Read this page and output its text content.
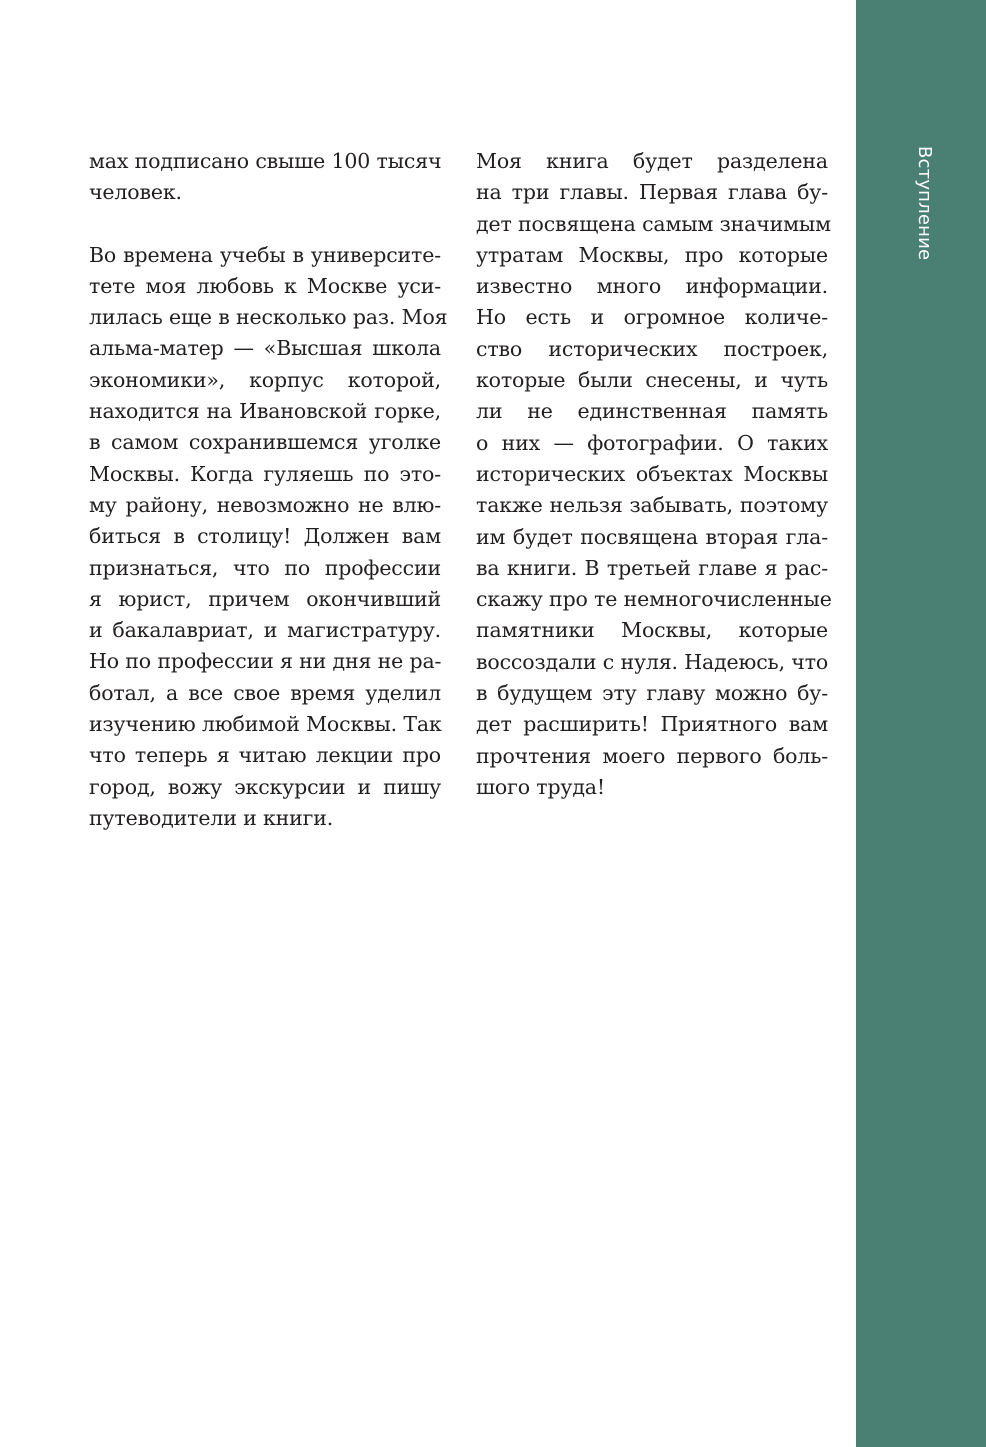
мах подписано свыше 100 тысяч
человек.

Во времена учебы в университе-
тете моя любовь к Москве уси-
лилась еще в несколько раз. Моя
альма-матер — «Высшая школа
экономики», корпус которой,
находится на Ивановской горке,
в самом сохранившемся уголке
Москвы. Когда гуляешь по это-
му району, невозможно не влю-
биться в столицу! Должен вам
признаться, что по профессии
я юрист, причем окончивший
и бакалавриат, и магистратуру.
Но по профессии я ни дня не ра-
ботал, а все свое время уделил
изучению любимой Москвы. Так
что теперь я читаю лекции про
город, вожу экскурсии и пишу
путеводители и книги.

Моя книга будет разделена
на три главы. Первая глава бу-
дет посвящена самым значимым
утратам Москвы, про которые
известно много информации.
Но есть и огромное количе-
ство исторических построек,
которые были снесены, и чуть
ли не единственная память
о них — фотографии. О таких
исторических объектах Москвы
также нельзя забывать, поэтому
им будет посвящена вторая гла-
ва книги. В третьей главе я рас-
скажу про те немногочисленные
памятники Москвы, которые
воссоздали с нуля. Надеюсь, что
в будущем эту главу можно бу-
дет расширить! Приятного вам
прочтения моего первого боль-
шого труда!

Вступление
